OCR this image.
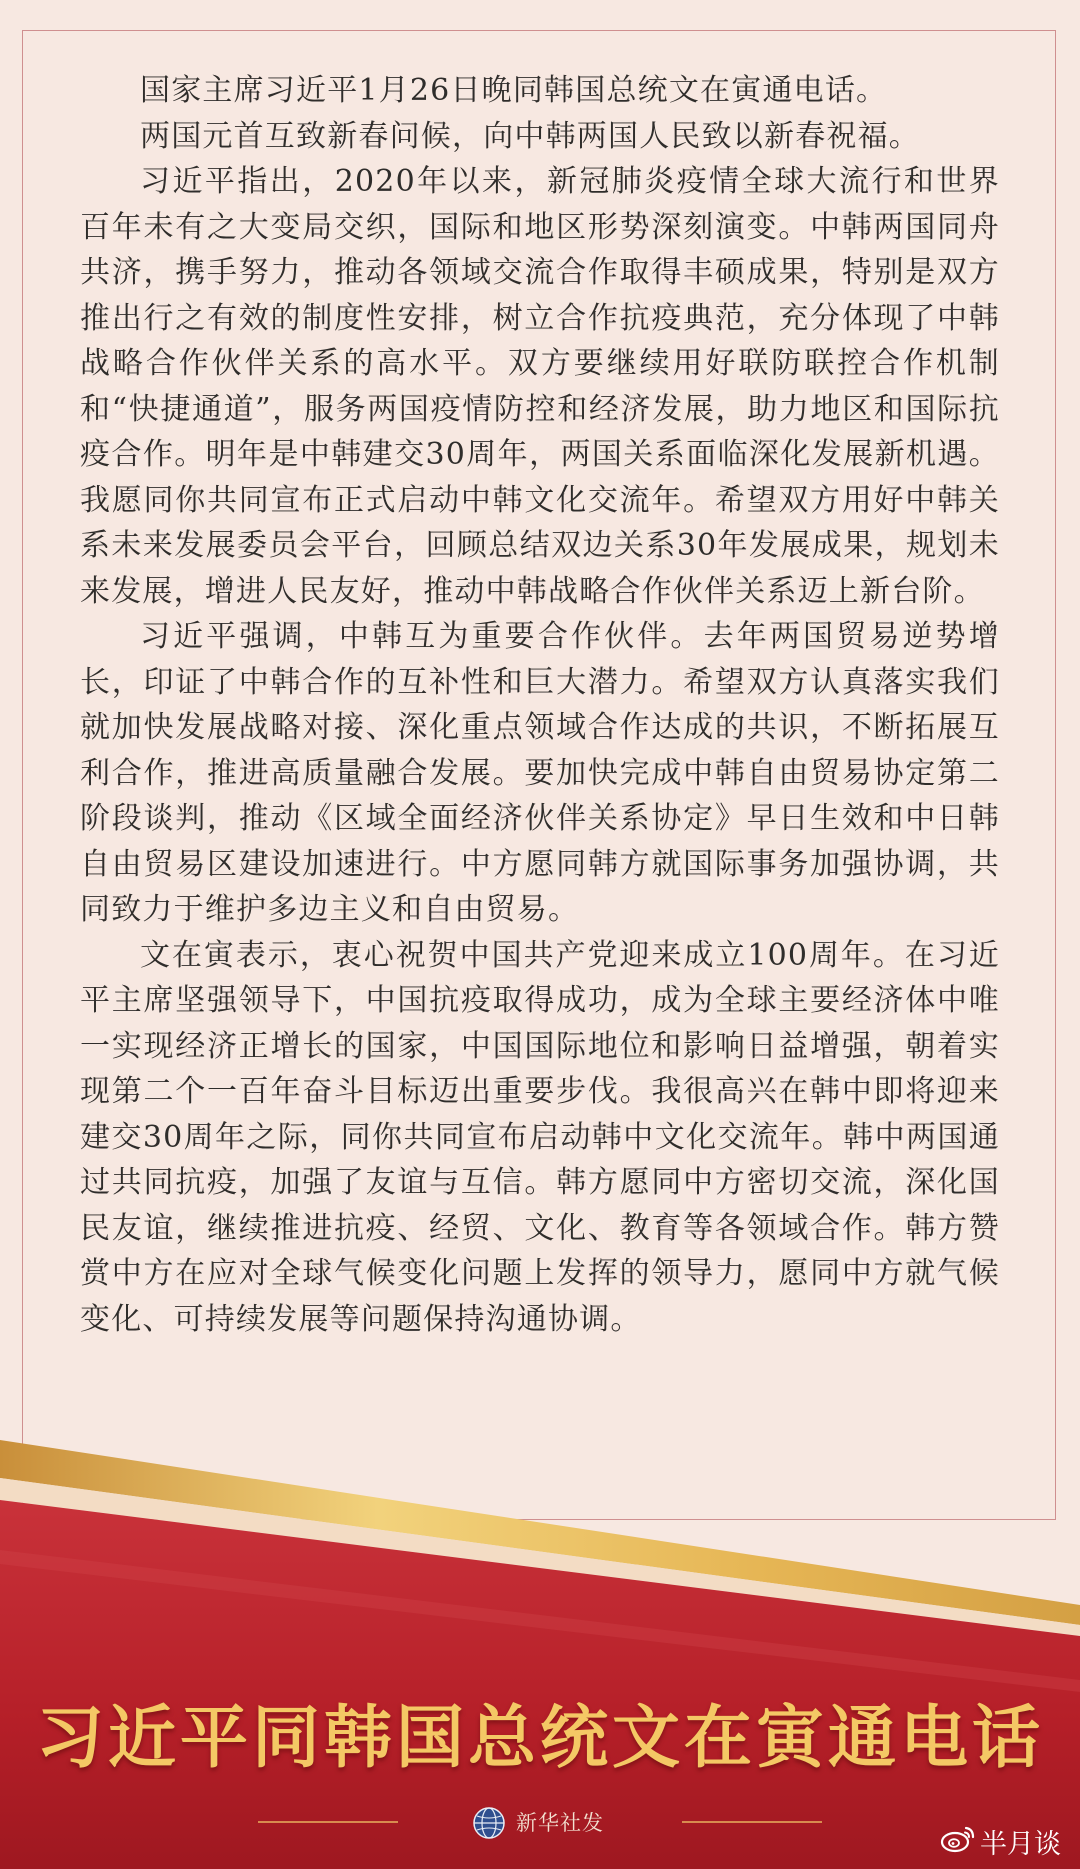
国家主席习近平1月26日晚同韩国总统文在寅通电话。

两国元首互致新春问候，向中韩两国人民致以新春祝福。

习近平指出，2020年以来，新冠肺炎疫情全球大流行和世界百年未有之大变局交织，国际和地区形势深刻演变。中韩两国同舟共济，携手努力，推动各领域交流合作取得丰硕成果，特别是双方推出行之有效的制度性安排，树立合作抗疫典范，充分体现了中韩战略合作伙伴关系的高水平。双方要继续用好联防联控合作机制和“快捷通道”，服务两国疫情防控和经济发展，助力地区和国际抗疫合作。明年是中韩建交30周年，两国关系面临深化发展新机遇。我愿同你共同宣布正式启动中韩文化交流年。希望双方用好中韩关系未来发展委员会平台，回顾总结双边关系30年发展成果，规划未来发展，增进人民友好，推动中韩战略合作伙伴关系迈上新台阶。

习近平强调，中韩互为重要合作伙伴。去年两国贸易逆势增长，印证了中韩合作的互补性和巨大潜力。希望双方认真落实我们就加快发展战略对接、深化重点领域合作达成的共识，不断拓展互利合作，推进高质量融合发展。要加快完成中韩自由贸易协定第二阶段谈判，推动《区域全面经济伙伴关系协定》早日生效和中日韩自由贸易区建设加速进行。中方愿同韩方就国际事务加强协调，共同致力于维护多边主义和自由贸易。

文在寅表示，衷心祝贺中国共产党迎来成立100周年。在习近平主席坚强领导下，中国抗疫取得成功，成为全球主要经济体中唯一实现经济正增长的国家，中国国际地位和影响日益增强，朝着实现第二个一百年奋斗目标迈出重要步伐。我很高兴在韩中即将迎来建交30周年之际，同你共同宣布启动韩中文化交流年。韩中两国通过共同抗疫，加强了友谊与互信。韩方愿同中方密切交流，深化国民友谊，继续推进抗疫、经贸、文化、教育等各领域合作。韩方赞赏中方在应对全球气候变化问题上发挥的领导力，愿同中方就气候变化、可持续发展等问题保持沟通协调。

习近平同韩国总统文在寅通电话
新华社发
半月谈
